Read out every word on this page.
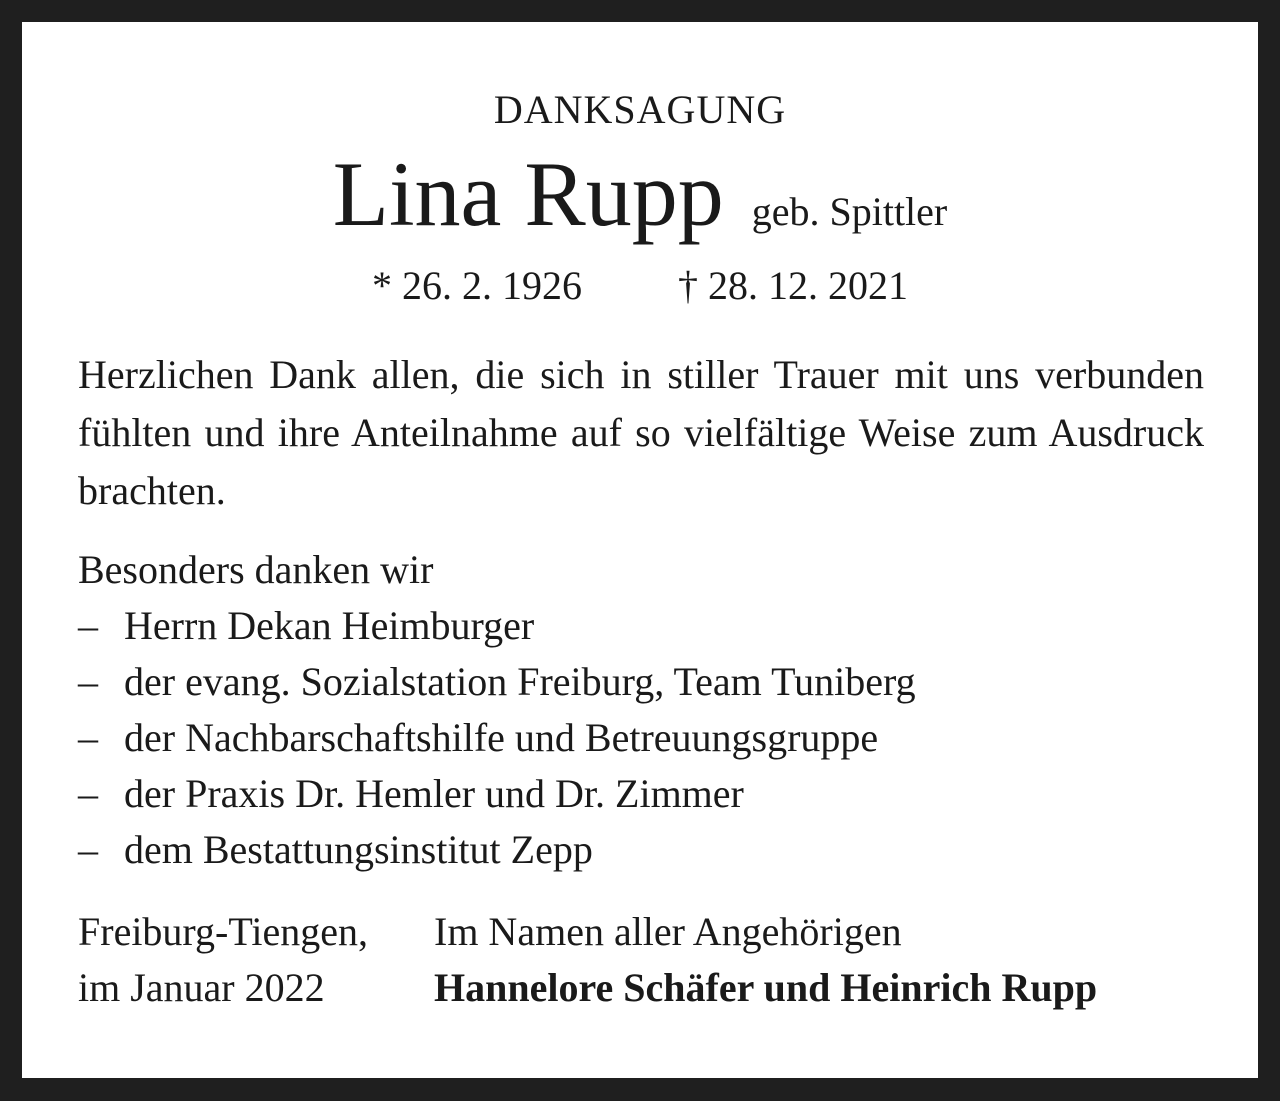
DANKSAGUNG
Lina Rupp geb. Spittler
* 26. 2. 1926 † 28. 12. 2021

Herzlichen Dank allen, die sich in stiller Trauer mit uns verbunden fühlten und ihre Anteilnahme auf so vielfältige Weise zum Ausdruck brachten.

Besonders danken wir

– Herrn Dekan Heimburger
– der evang. Sozialstation Freiburg, Team Tuniberg
– der Nachbarschaftshilfe und Betreuungsgruppe
– der Praxis Dr. Hemler und Dr. Zimmer
– dem Bestattungsinstitut Zepp
Freiburg-Tiengen,
im Januar 2022
Im Namen aller Angehörigen
Hannelore Schäfer und Heinrich Rupp
